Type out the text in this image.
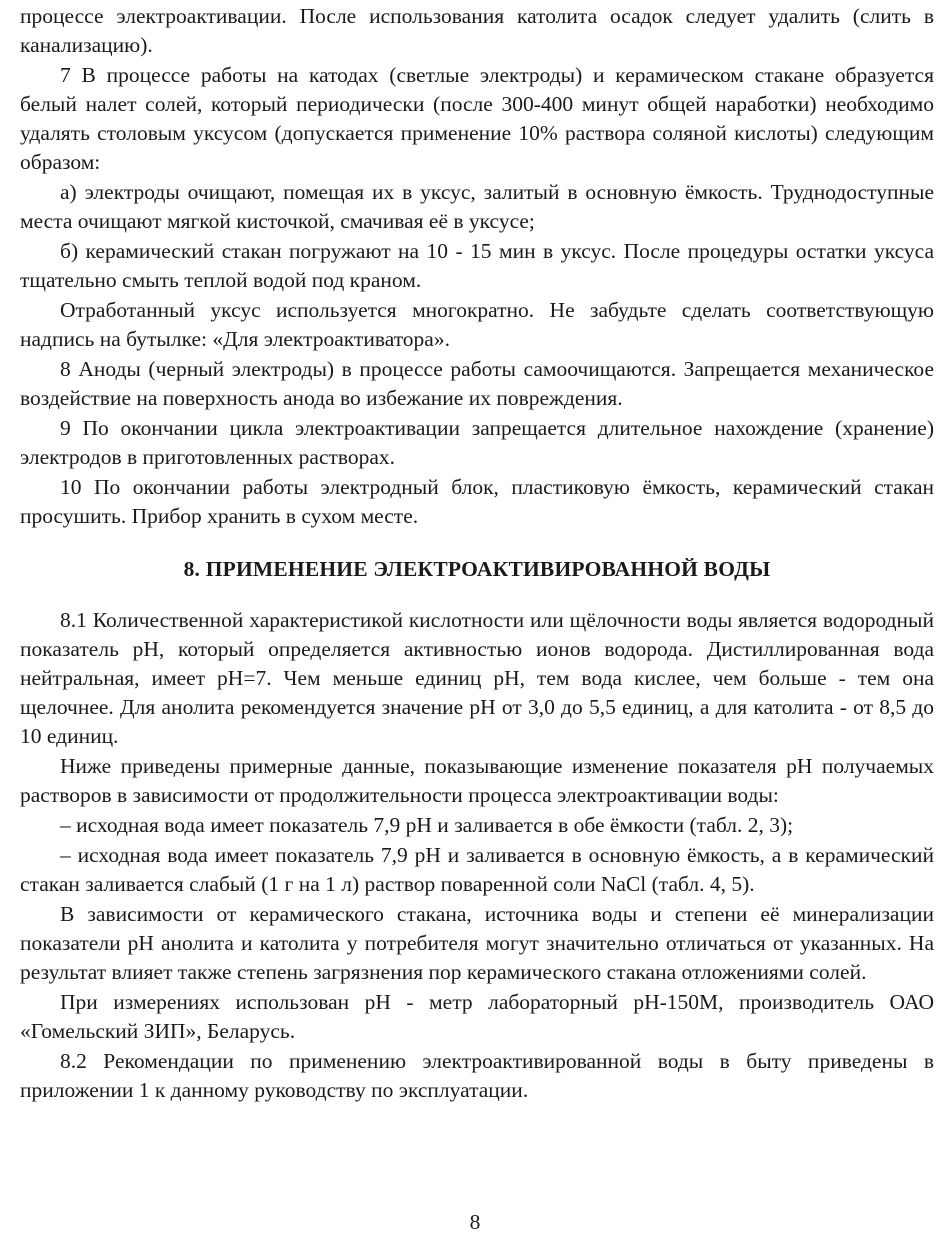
процессе электроактивации. После использования католита осадок следует удалить (слить в канализацию).

7 В процессе работы на катодах (светлые электроды) и керамическом стакане образуется белый налет солей, который периодически (после 300-400 минут общей наработки) необходимо удалять столовым уксусом (допускается применение 10% раствора соляной кислоты) следующим образом:

а) электроды очищают, помещая их в уксус, залитый в основную ёмкость. Труднодоступные места очищают мягкой кисточкой, смачивая её в уксусе;

б) керамический стакан погружают на 10 - 15 мин в уксус. После процедуры остатки уксуса тщательно смыть теплой водой под краном.

Отработанный уксус используется многократно. Не забудьте сделать соответствующую надпись на бутылке: «Для электроактиватора».

8 Аноды (черный электроды) в процессе работы самоочищаются. Запрещается механическое воздействие на поверхность анода во избежание их повреждения.

9 По окончании цикла электроактивации запрещается длительное нахождение (хранение) электродов в приготовленных растворах.

10 По окончании работы электродный блок, пластиковую ёмкость, керамический стакан просушить. Прибор хранить в сухом месте.

8. ПРИМЕНЕНИЕ ЭЛЕКТРОАКТИВИРОВАННОЙ ВОДЫ

8.1 Количественной характеристикой кислотности или щёлочности воды является водородный показатель pH, который определяется активностью ионов водорода. Дистиллированная вода нейтральная, имеет pH=7. Чем меньше единиц pH, тем вода кислее, чем больше - тем она щелочнее. Для анолита рекомендуется значение pH от 3,0 до 5,5 единиц, а для католита - от 8,5 до 10 единиц.

Ниже приведены примерные данные, показывающие изменение показателя pH получаемых растворов в зависимости от продолжительности процесса электроактивации воды:

– исходная вода имеет показатель 7,9 pH и заливается в обе ёмкости (табл. 2, 3);

– исходная вода имеет показатель 7,9 pH и заливается в основную ёмкость, а в керамический стакан заливается слабый (1 г на 1 л) раствор поваренной соли NaCl (табл. 4, 5).

В зависимости от керамического стакана, источника воды и степени её минерализации показатели pH анолита и католита у потребителя могут значительно отличаться от указанных. На результат влияет также степень загрязнения пор керамического стакана отложениями солей.

При измерениях использован pH - метр лабораторный pH-150M, производитель ОАО «Гомельский ЗИП», Беларусь.

8.2 Рекомендации по применению электроактивированной воды в быту приведены в приложении 1 к данному руководству по эксплуатации.

8
